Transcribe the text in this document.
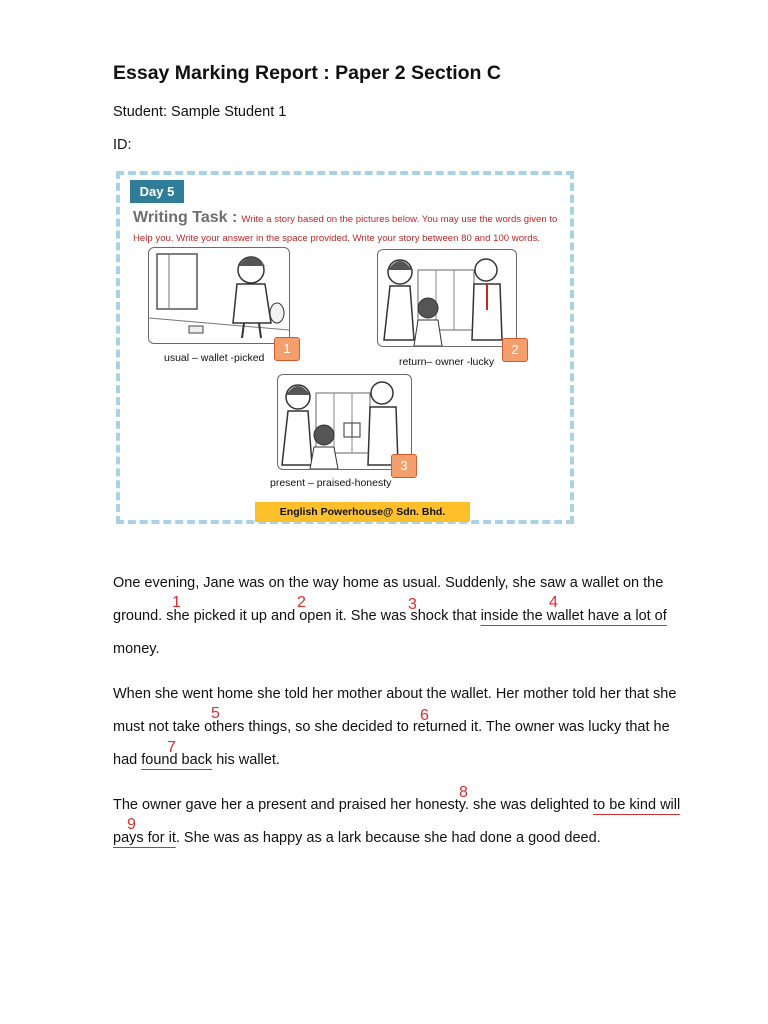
Essay Marking Report : Paper 2 Section C
Student: Sample Student 1
ID:
Day 5
Writing Task : Write a story based on the pictures below. You may use the words given to Help you. Write your answer in the space provided. Write your story between 80 and 100 words.
1
usual – wallet -picked
2
return– owner -lucky
3
present – praised-honesty
English Powerhouse@ Sdn. Bhd.
One evening, Jane was on the way home as usual. Suddenly, she saw a wallet on the
ground. she picked it up and open it. She was shock that inside the wallet have a lot of
money.
When she went home she told her mother about the wallet. Her mother told her that she
must not take others things, so she decided to returned it. The owner was lucky that he
had found back his wallet.
The owner gave her a present and praised her honesty. she was delighted to be kind will
pays for it. She was as happy as a lark because she had done a good deed.
1	2	3	4
5	6
7
8
9
